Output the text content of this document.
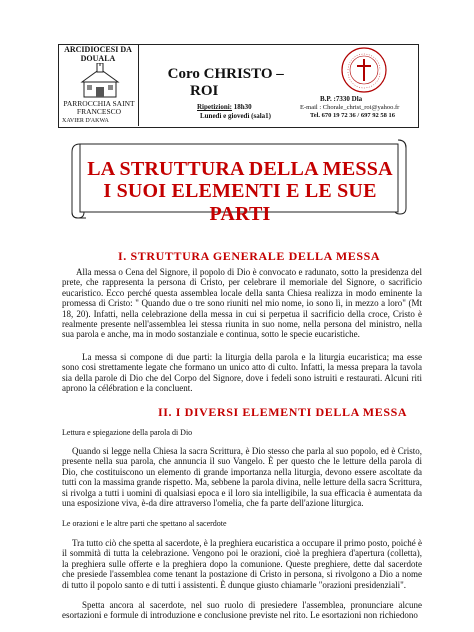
ARCIDIOCESI DA DOUALA
PARROCCHIA SAINT FRANCESCO
XAVIER D'AKWA
 Coro CHRISTO –
ROI 
Ripetizioni: 18h30
Lunedì e giovedì (sala1)
 	 
B.P. :7330 Dla
E-mail : Chorale_christ_roi@yahoo.fr
Tel. 670 19 72 36 / 697 92 58 16
LA STRUTTURA DELLA MESSA
I SUOI ELEMENTI E LE SUE PARTI
I. STRUTTURA GENERALE DELLA MESSA

Alla messa o Cena del Signore, il popolo di Dio è convocato e radunato, sotto la presidenza del prete, che rappresenta la persona di Cristo, per celebrare il memoriale del Signore, o sacrificio eucaristico. Ecco perché questa assemblea locale della santa Chiesa realizza in modo eminente la promessa di Cristo: " Quando due o tre sono riuniti nel mio nome, io sono lì, in mezzo a loro" (Mt 18, 20). Infatti, nella celebrazione della messa in cui si perpetua il sacrificio della croce, Cristo è realmente presente nell'assemblea lei stessa riunita in suo nome, nella persona del ministro, nella sua parola e anche, ma in modo sostanziale e continua, sotto le specie eucaristiche.

La messa si compone di due parti: la liturgia della parola e la liturgia eucaristica; ma esse sono cosi strettamente legate che formano un unico atto di culto. Infatti, la messa prepara la tavola sia della parole di Dio che del Corpo del Signore, dove i fedeli sono istruiti e restaurati. Alcuni riti aprono la célébration e la concluent.

II. I DIVERSI ELEMENTI DELLA MESSA
Lettura e spiegazione della parola di Dio

Quando si legge nella Chiesa la sacra Scrittura, è Dio stesso che parla al suo popolo, ed è Cristo, presente nella sua parola, che annuncia il suo Vangelo. È per questo che le letture della parola di Dio, che costituiscono un elemento di grande importanza nella liturgia, devono essere ascoltate da tutti con la massima grande rispetto. Ma, sebbene la parola divina, nelle letture della sacra Scrittura, si rivolga a tutti i uomini di qualsiasi epoca e il loro sia intelligibile, la sua efficacia è aumentata da una esposizione viva, è-da dire attraverso l'omelia, che fa parte dell'azione liturgica.

Le orazioni e le altre parti che spettano al sacerdote

Tra tutto ciò che spetta al sacerdote, è la preghiera eucaristica a occupare il primo posto, poiché è il sommità di tutta la celebrazione. Vengono poi le orazioni, cioè la preghiera d'apertura (colletta), la preghiera sulle offerte e la preghiera dopo la comunione. Queste preghiere, dette dal sacerdote che presiede l'assemblea come tenant la postazione di Cristo in persona, si rivolgono a Dio a nome di tutto il popolo santo e di tutti i assistenti. È dunque giusto chiamarle "orazioni presidenziali".

Spetta ancora al sacerdote, nel suo ruolo di presiedere l'assemblea, pronunciare alcune esortazioni e formule di introduzione e conclusione previste nel rito. Le esortazioni non richiedono
